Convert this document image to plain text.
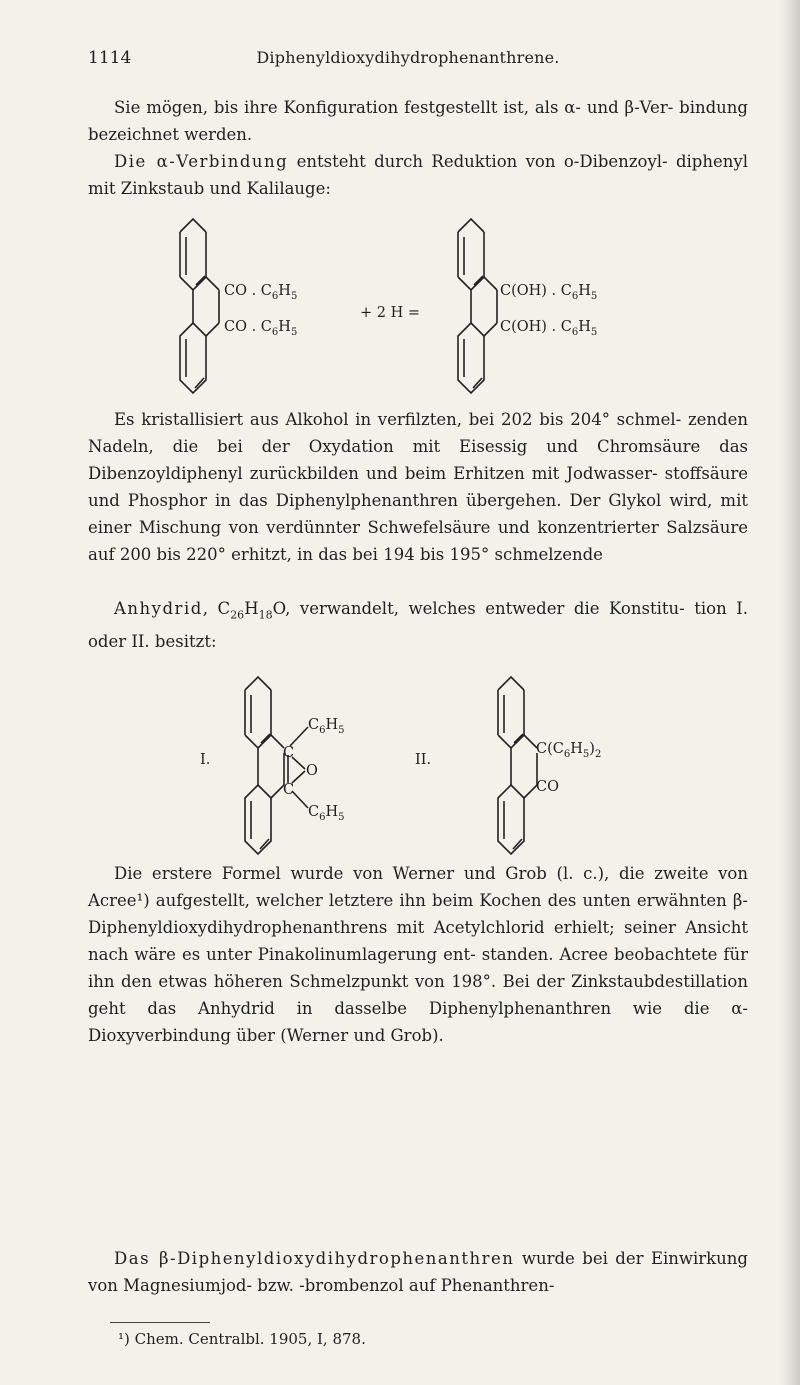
1114	Diphenyldioxydihydrophenanthrene.

Sie mögen, bis ihre Konfiguration festgestellt ist, als α- und β-Ver- bindung bezeichnet werden.

Die α-Verbindung entsteht durch Reduktion von o-Dibenzoyl- diphenyl mit Zinkstaub und Kalilauge:

CO . $C_6H_5$
CO . $C_6H_5$
+ 2 H =
C(OH) . $C_6H_5$
C(OH) . $C_6H_5$

Es kristallisiert aus Alkohol in verfilzten, bei 202 bis 204° schmel- zenden Nadeln, die bei der Oxydation mit Eisessig und Chromsäure das Dibenzoyldiphenyl zurückbilden und beim Erhitzen mit Jodwasser- stoffsäure und Phosphor in das Diphenylphenanthren übergehen. Der Glykol wird, mit einer Mischung von verdünnter Schwefelsäure und konzentrierter Salzsäure auf 200 bis 220° erhitzt, in das bei 194 bis 195° schmelzende

Anhydrid, $C_{26}H_{18}O$, verwandelt, welches entweder die Konstitu- tion I. oder II. besitzt:

I.	C
C
O
$C_6H_5$
$C_6H_5$
II.
$C(C_6H_5)_2$
CO

Die erstere Formel wurde von Werner und Grob (l. c.), die zweite von Acree¹) aufgestellt, welcher letztere ihn beim Kochen des unten erwähnten β-Diphenyldioxydihydrophenanthrens mit Acetylchlorid erhielt; seiner Ansicht nach wäre es unter Pinakolinumlagerung ent- standen. Acree beobachtete für ihn den etwas höheren Schmelzpunkt von 198°. Bei der Zinkstaubdestillation geht das Anhydrid in dasselbe Diphenylphenanthren wie die α-Dioxyverbindung über (Werner und Grob).

Das β-Diphenyldioxydihydrophenanthren wurde bei der Einwirkung von Magnesiumjod- bzw. -brombenzol auf Phenanthren-

¹) Chem. Centralbl. 1905, I, 878.
